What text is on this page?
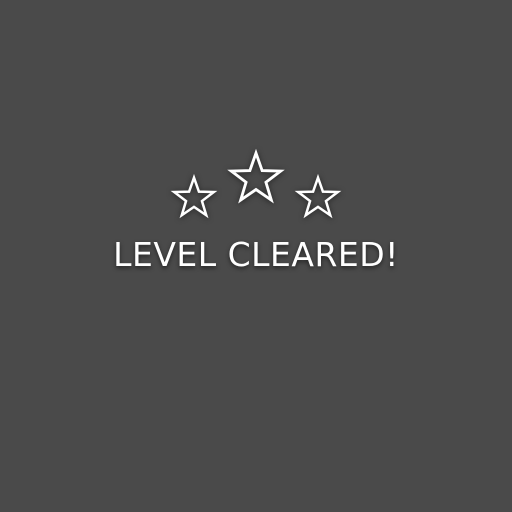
LEVEL CLEARED!
